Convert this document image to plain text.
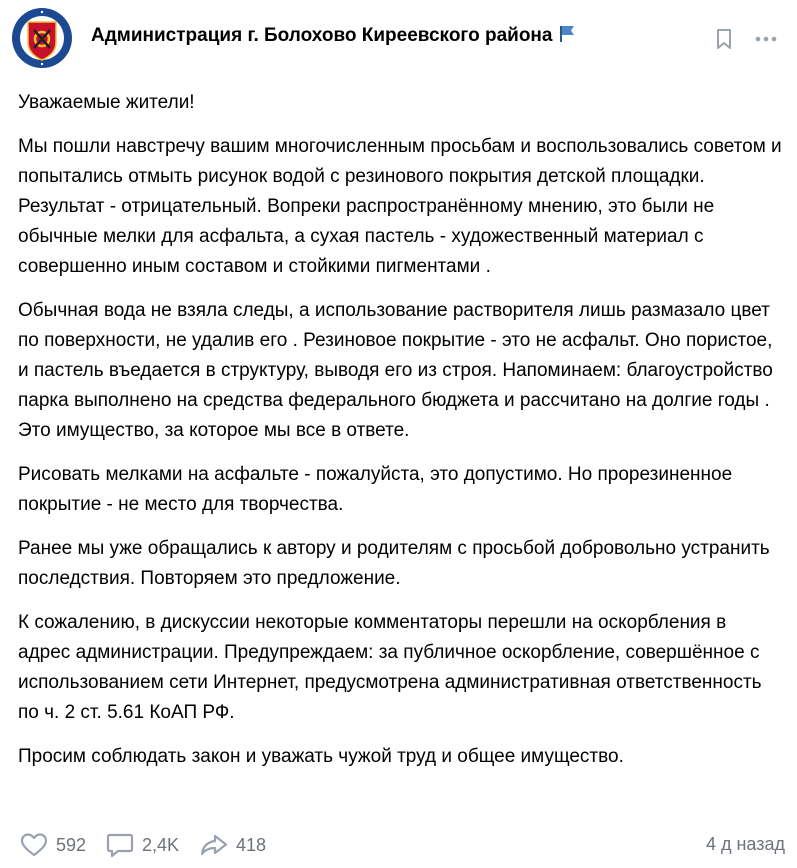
Администрация г. Болохово Киреевского района

Уважаемые жители!

Мы пошли навстречу вашим многочисленным просьбам и воспользовались советом и попытались отмыть рисунок водой с резинового покрытия детской площадки. Результат - отрицательный. Вопреки распространённому мнению, это были не обычные мелки для асфальта, а сухая пастель - художественный материал с совершенно иным составом и стойкими пигментами .

Обычная вода не взяла следы, а использование растворителя лишь размазало цвет по поверхности, не удалив его . Резиновое покрытие - это не асфальт. Оно пористое, и пастель въедается в структуру, выводя его из строя. Напоминаем: благоустройство парка выполнено на средства федерального бюджета и рассчитано на долгие годы . Это имущество, за которое мы все в ответе.

Рисовать мелками на асфальте - пожалуйста, это допустимо. Но прорезиненное покрытие - не место для творчества.

Ранее мы уже обращались к автору и родителям с просьбой добровольно устранить последствия. Повторяем это предложение.

К сожалению, в дискуссии некоторые комментаторы перешли на оскорбления в адрес администрации. Предупреждаем: за публичное оскорбление, совершённое с использованием сети Интернет, предусмотрена административная ответственность по ч. 2 ст. 5.61 КоАП РФ.

Просим соблюдать закон и уважать чужой труд и общее имущество.

592	2,4K	418	4 д назад
